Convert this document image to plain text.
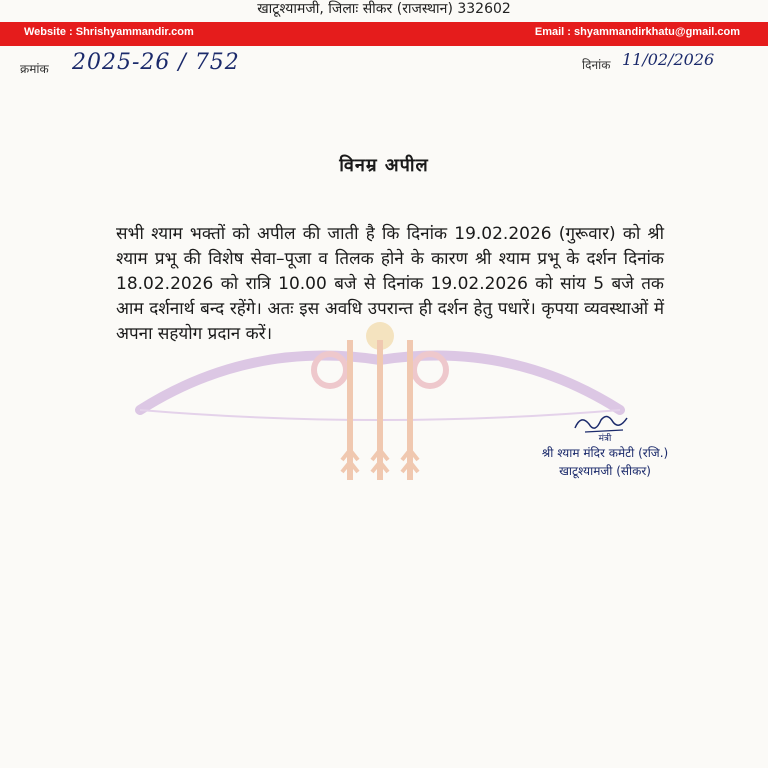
खाटूश्यामजी, जिलाः सीकर (राजस्थान) 332602
Website : Shrishyammandir.com	Email : shyammandirkhatu@gmail.com
क्रमांक 2025-26 / 752	दिनांक 11/02/2026
विनम्र अपील
सभी श्याम भक्तों को अपील की जाती है कि दिनांक 19.02.2026 (गुरूवार) को श्री श्याम प्रभू की विशेष सेवा–पूजा व तिलक होने के कारण श्री श्याम प्रभू के दर्शन दिनांक 18.02.2026 को रात्रि 10.00 बजे से दिनांक 19.02.2026 को सांय 5 बजे तक आम दर्शनार्थ बन्द रहेंगे। अतः इस अवधि उपरान्त ही दर्शन हेतु पधारें। कृपया व्यवस्थाओं में अपना सहयोग प्रदान करें।
मंत्री
श्री श्याम मंदिर कमेटी (रजि.)
खाटूश्यामजी (सीकर)
